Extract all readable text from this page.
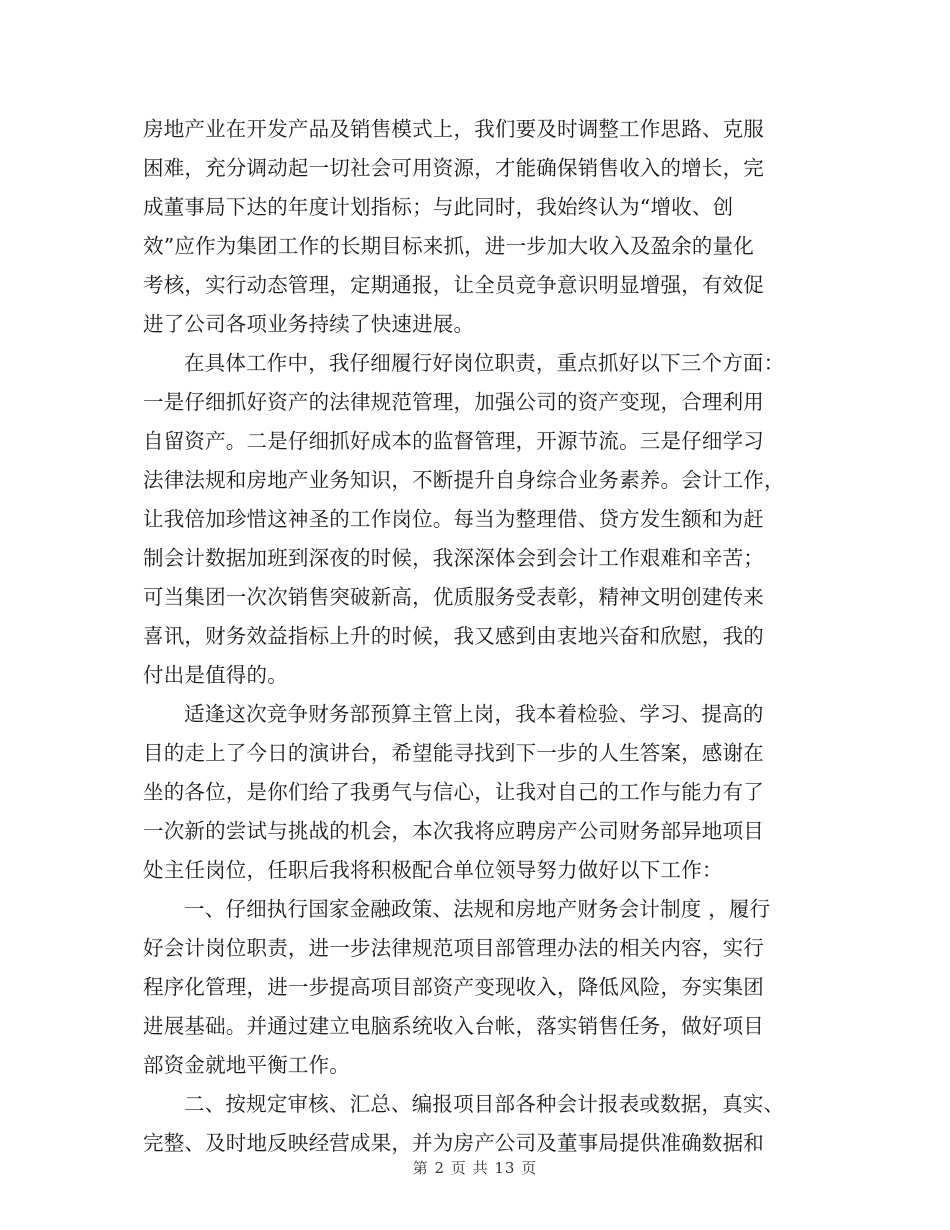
房地产业在开发产品及销售模式上，我们要及时调整工作思路、克服
困难，充分调动起一切社会可用资源，才能确保销售收入的增长，完
成董事局下达的年度计划指标；与此同时，我始终认为“增收、创
效”应作为集团工作的长期目标来抓，进一步加大收入及盈余的量化
考核，实行动态管理，定期通报，让全员竞争意识明显增强，有效促
进了公司各项业务持续了快速进展。
在具体工作中，我仔细履行好岗位职责，重点抓好以下三个方面：
一是仔细抓好资产的法律规范管理，加强公司的资产变现，合理利用
自留资产。二是仔细抓好成本的监督管理，开源节流。三是仔细学习
法律法规和房地产业务知识，不断提升自身综合业务素养。会计工作，
让我倍加珍惜这神圣的工作岗位。每当为整理借、贷方发生额和为赶
制会计数据加班到深夜的时候，我深深体会到会计工作艰难和辛苦；
可当集团一次次销售突破新高，优质服务受表彰，精神文明创建传来
喜讯，财务效益指标上升的时候，我又感到由衷地兴奋和欣慰，我的
付出是值得的。
适逢这次竞争财务部预算主管上岗，我本着检验、学习、提高的
目的走上了今日的演讲台，希望能寻找到下一步的人生答案，感谢在
坐的各位，是你们给了我勇气与信心，让我对自己的工作与能力有了
一次新的尝试与挑战的机会，本次我将应聘房产公司财务部异地项目
处主任岗位，任职后我将积极配合单位领导努力做好以下工作：
一、仔细执行国家金融政策、法规和房地产财务会计制度 ，履行
好会计岗位职责，进一步法律规范项目部管理办法的相关内容，实行
程序化管理，进一步提高项目部资产变现收入，降低风险，夯实集团
进展基础。并通过建立电脑系统收入台帐，落实销售任务，做好项目
部资金就地平衡工作。
二、按规定审核、汇总、编报项目部各种会计报表或数据，真实、
完整、及时地反映经营成果，并为房产公司及董事局提供准确数据和
第 2 页 共 13 页
